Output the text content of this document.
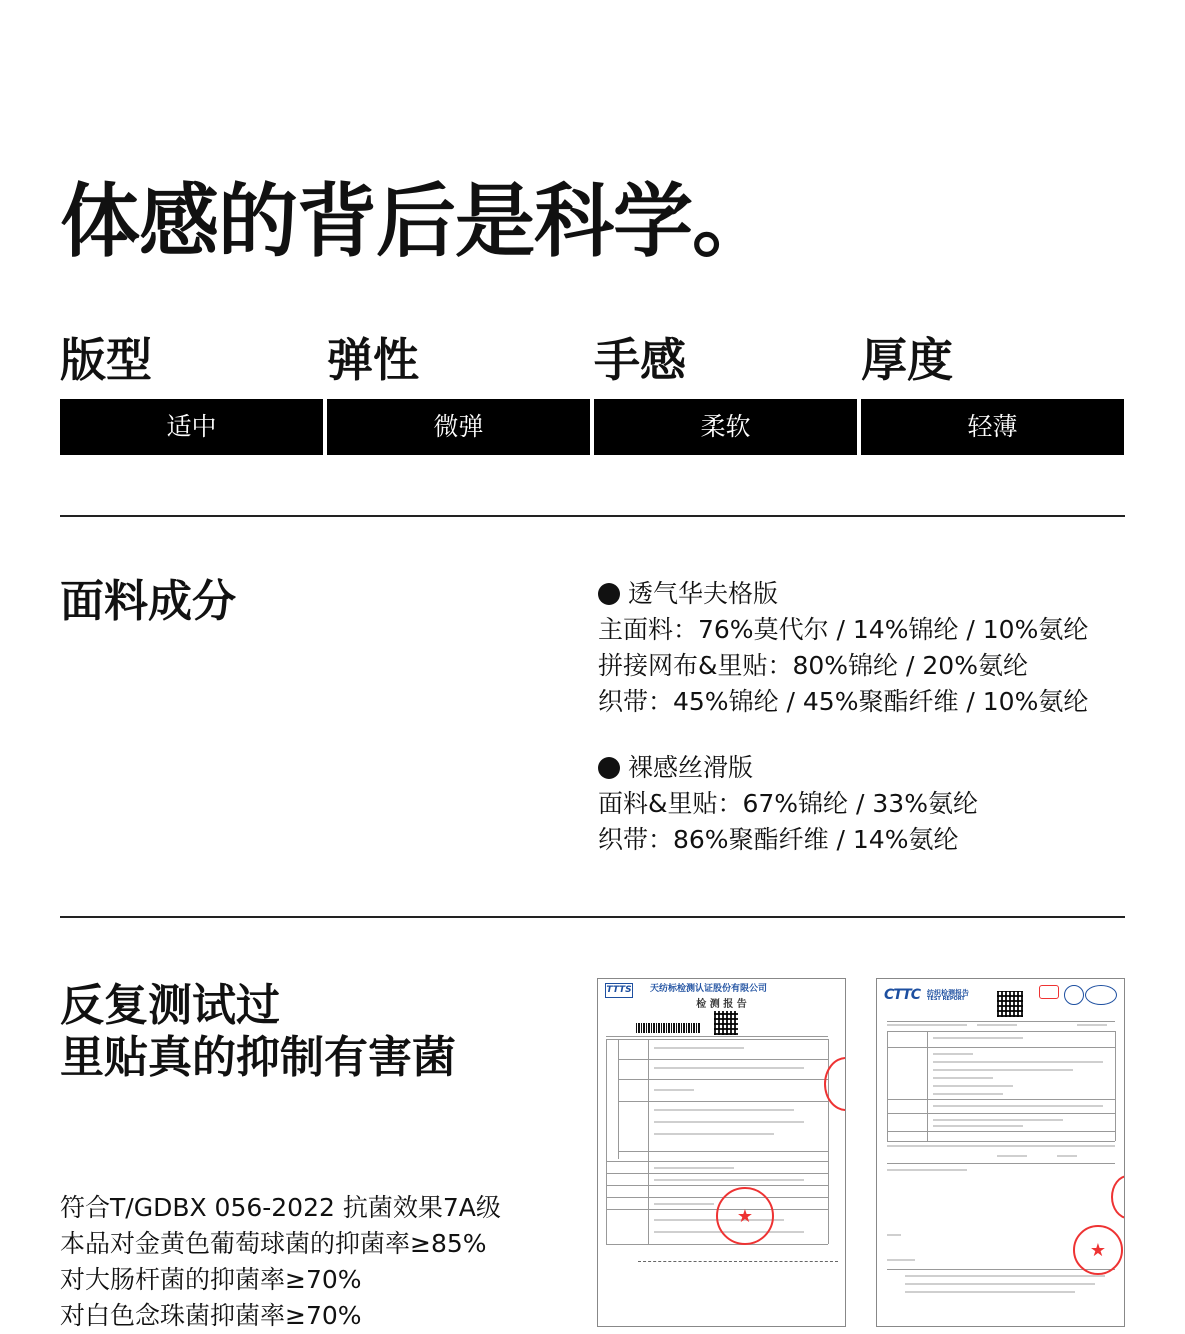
体感的背后是科学。

版型

适中

弹性

微弹

手感

柔软

厚度

轻薄
面料成分	透气华夫格版
主面料：76%莫代尔 / 14%锦纶 / 10%氨纶
拼接网布&里贴：80%锦纶 / 20%氨纶
织带：45%锦纶 / 45%聚酯纤维 / 10%氨纶
裸感丝滑版
面料&里贴：67%锦纶 / 33%氨纶
织带：86%聚酯纤维 / 14%氨纶
反复测试过
里贴真的抑制有害菌
符合T/GDBX 056-2022 抗菌效果7A级
本品对金黄色葡萄球菌的抑菌率≥85%
对大肠杆菌的抑菌率≥70%
对白色念珠菌抑菌率≥70%
TTTS 天纺标检测认证股份有限公司
检 测 报 告
★
CTTC 纺织检测报告
TEST REPORT
★
